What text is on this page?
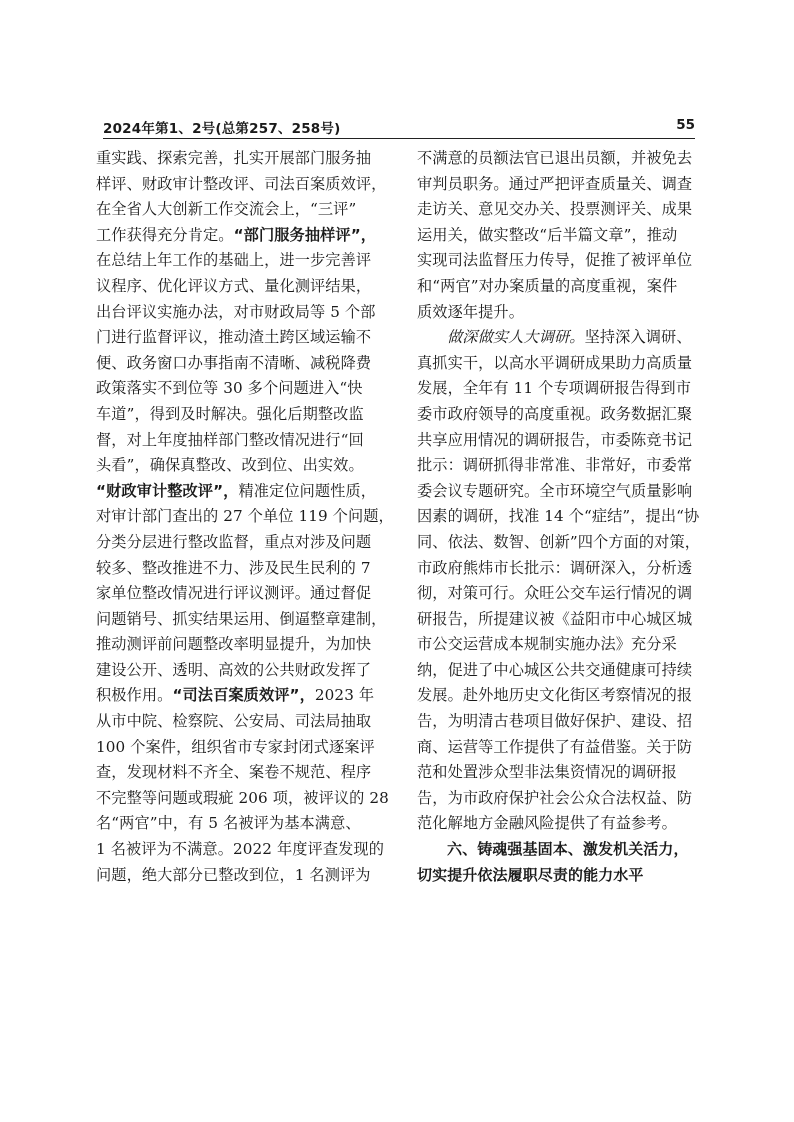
2024年第1、2号(总第257、258号)	55
重实践、探索完善，扎实开展部门服务抽
样评、财政审计整改评、司法百案质效评，
在全省人大创新工作交流会上，“三评”
工作获得充分肯定。“部门服务抽样评”，
在总结上年工作的基础上，进一步完善评
议程序、优化评议方式、量化测评结果，
出台评议实施办法，对市财政局等 5 个部
门进行监督评议，推动渣土跨区域运输不
便、政务窗口办事指南不清晰、减税降费
政策落实不到位等 30 多个问题进入“快
车道”，得到及时解决。强化后期整改监
督，对上年度抽样部门整改情况进行“回
头看”，确保真整改、改到位、出实效。
“财政审计整改评”，精准定位问题性质，
对审计部门查出的 27 个单位 119 个问题，
分类分层进行整改监督，重点对涉及问题
较多、整改推进不力、涉及民生民利的 7
家单位整改情况进行评议测评。通过督促
问题销号、抓实结果运用、倒逼整章建制，
推动测评前问题整改率明显提升，为加快
建设公开、透明、高效的公共财政发挥了
积极作用。“司法百案质效评”，2023 年
从市中院、检察院、公安局、司法局抽取
100 个案件，组织省市专家封闭式逐案评
查，发现材料不齐全、案卷不规范、程序
不完整等问题或瑕疵 206 项，被评议的 28
名“两官”中，有 5 名被评为基本满意、
1 名被评为不满意。2022 年度评查发现的
问题，绝大部分已整改到位，1 名测评为
不满意的员额法官已退出员额，并被免去
审判员职务。通过严把评查质量关、调查
走访关、意见交办关、投票测评关、成果
运用关，做实整改“后半篇文章”，推动
实现司法监督压力传导，促推了被评单位
和“两官”对办案质量的高度重视，案件
质效逐年提升。
做深做实人大调研。坚持深入调研、
真抓实干，以高水平调研成果助力高质量
发展，全年有 11 个专项调研报告得到市
委市政府领导的高度重视。政务数据汇聚
共享应用情况的调研报告，市委陈竞书记
批示：调研抓得非常准、非常好，市委常
委会议专题研究。全市环境空气质量影响
因素的调研，找准 14 个“症结”，提出“协
同、依法、数智、创新”四个方面的对策，
市政府熊炜市长批示：调研深入，分析透
彻，对策可行。众旺公交车运行情况的调
研报告，所提建议被《益阳市中心城区城
市公交运营成本规制实施办法》充分采
纳，促进了中心城区公共交通健康可持续
发展。赴外地历史文化街区考察情况的报
告，为明清古巷项目做好保护、建设、招
商、运营等工作提供了有益借鉴。关于防
范和处置涉众型非法集资情况的调研报
告，为市政府保护社会公众合法权益、防
范化解地方金融风险提供了有益参考。
六、铸魂强基固本、激发机关活力，
切实提升依法履职尽责的能力水平
